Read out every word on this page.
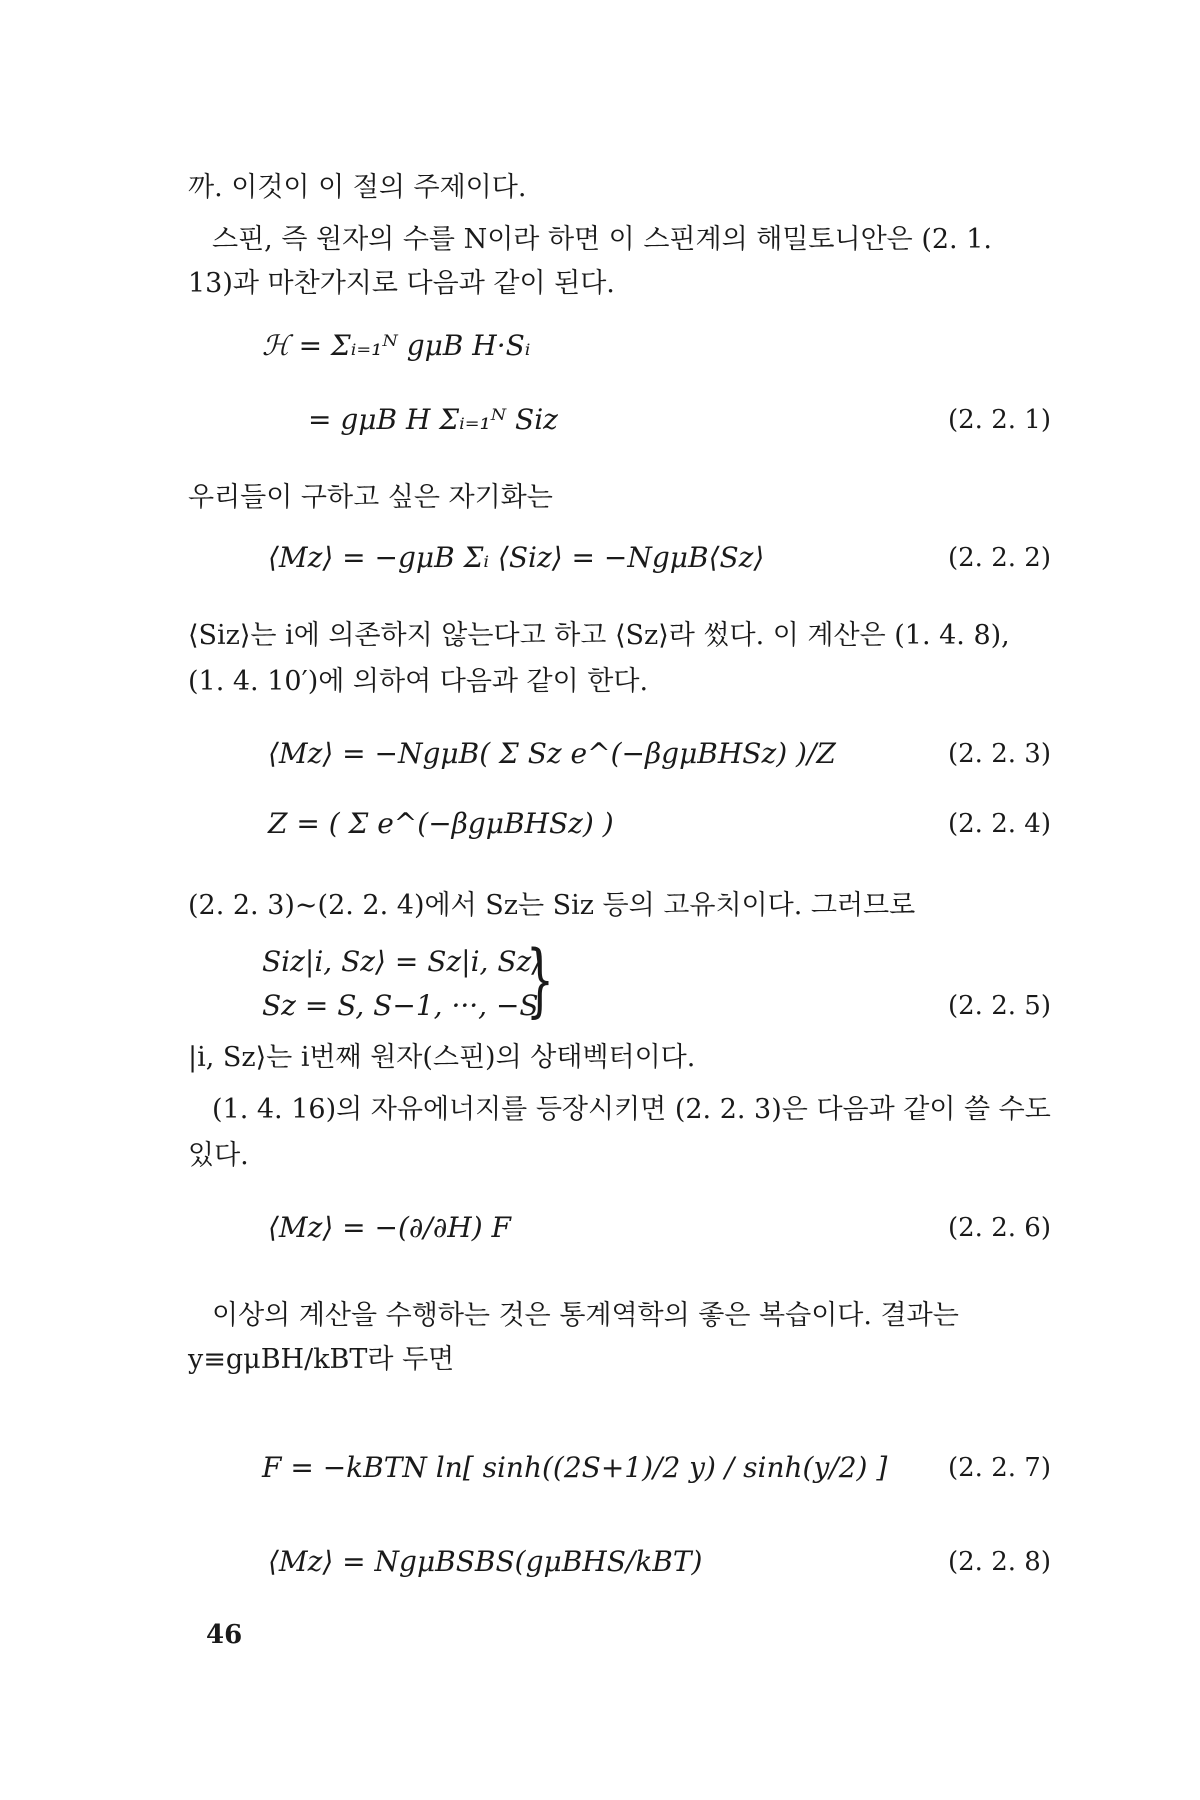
까. 이것이 이 절의 주제이다.
스핀, 즉 원자의 수를 N이라 하면 이 스핀계의 해밀토니안은 (2. 1.
13)과 마찬가지로 다음과 같이 된다.
우리들이 구하고 싶은 자기화는
⟨Siz⟩는 i에 의존하지 않는다고 하고 ⟨Sz⟩라 썼다. 이 계산은 (1. 4. 8),
(1. 4. 10′)에 의하여 다음과 같이 한다.
(2. 2. 3)∼(2. 2. 4)에서 Sz는 Siz 등의 고유치이다. 그러므로
|i, Sz⟩는 i번째 원자(스핀)의 상태벡터이다.
(1. 4. 16)의 자유에너지를 등장시키면 (2. 2. 3)은 다음과 같이 쓸 수도
있다.
이상의 계산을 수행하는 것은 통계역학의 좋은 복습이다. 결과는
y≡gμBH/kBT라 두면
ℋ = Σᵢ₌₁ᴺ gμB H·Sᵢ
= gμB H Σᵢ₌₁ᴺ Siz	(2. 2. 1)
⟨Mz⟩ = −gμB Σᵢ ⟨Siz⟩ = −NgμB⟨Sz⟩	(2. 2. 2)
⟨Mz⟩ = −NgμB( Σ Sz e^(−βgμBHSz) )/Z	(2. 2. 3)
Z = ( Σ e^(−βgμBHSz) )	(2. 2. 4)
Siz|i, Sz⟩ = Sz|i, Sz⟩
Sz = S, S−1, ···, −S	(2. 2. 5)
⟨Mz⟩ = −(∂/∂H) F	(2. 2. 6)
F = −kBTN ln[ sinh((2S+1)/2 y) / sinh(y/2) ] (2. 2. 7)
⟨Mz⟩ = NgμBSBS(gμBHS/kBT)	(2. 2. 8)
}
46
